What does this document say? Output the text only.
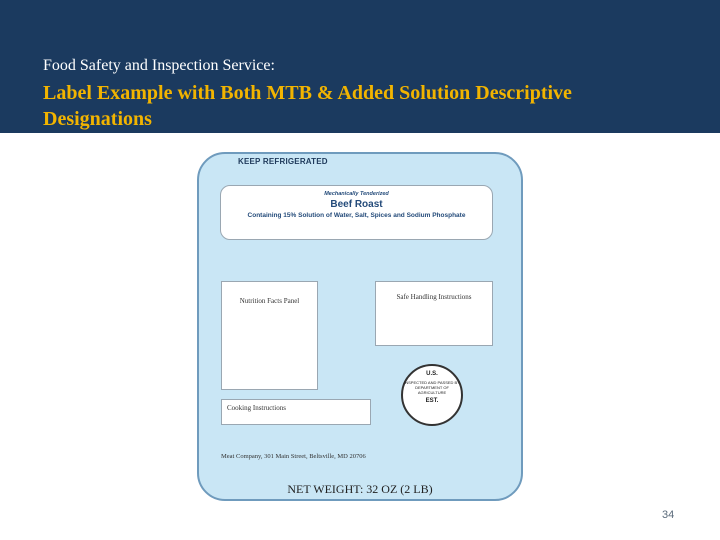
Food Safety and Inspection Service:
Label Example with Both MTB & Added Solution Descriptive Designations
KEEP REFRIGERATED
Mechanically Tenderized
Beef Roast
Containing 15% Solution of Water, Salt, Spices and Sodium Phosphate
Nutrition Facts Panel	Safe Handling Instructions
Cooking Instructions
U.S.
INSPECTED AND PASSED BY DEPARTMENT OF AGRICULTURE
EST.
Meat Company, 301 Main Street, Beltsville, MD 20706
NET WEIGHT: 32 OZ (2 LB)
34
